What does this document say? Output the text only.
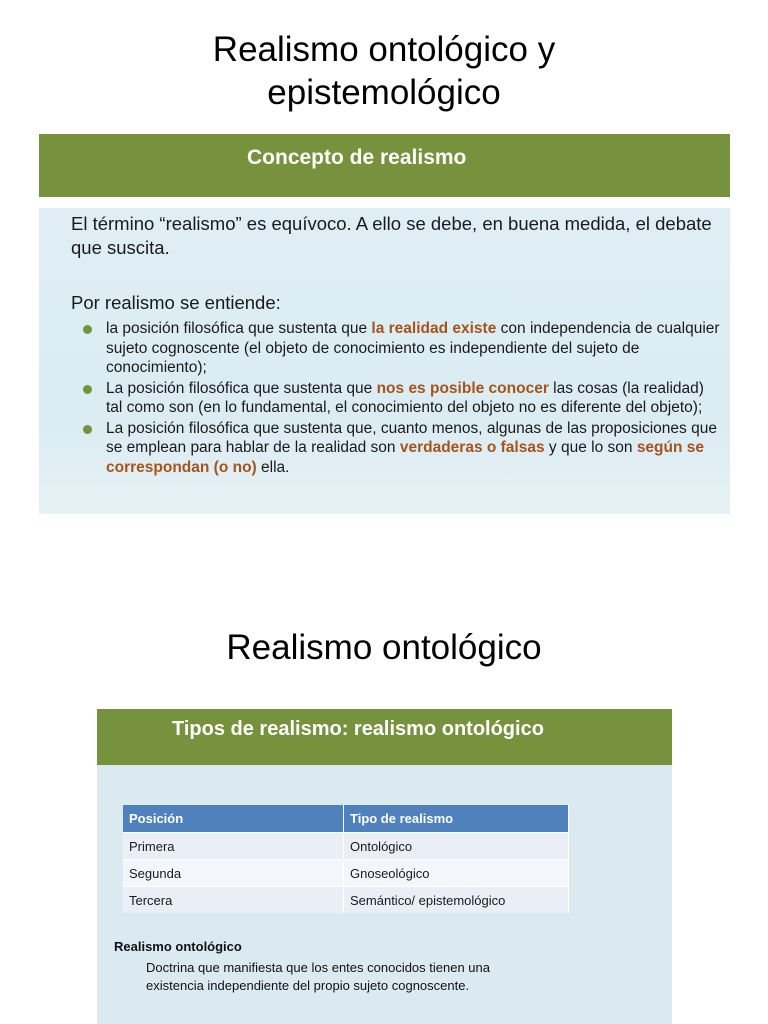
Realismo ontológico y
epistemológico
Concepto de realismo
El término “realismo” es equívoco. A ello se debe, en buena medida, el debate que suscita.
Por realismo se entiende:
la posición filosófica que sustenta que la realidad existe con independencia de cualquier sujeto cognoscente (el objeto de conocimiento es independiente del sujeto de conocimiento);
La posición filosófica que sustenta que nos es posible conocer las cosas (la realidad) tal como son (en lo fundamental, el conocimiento del objeto no es diferente del objeto);
La posición filosófica que sustenta que, cuanto menos, algunas de las proposiciones que se emplean para hablar de la realidad son verdaderas o falsas y que lo son según se correspondan (o no) ella.
Realismo ontológico
Tipos de realismo: realismo ontológico
Posición	Tipo de realismo
Primera	Ontológico
Segunda	Gnoseológico
Tercera	Semántico/ epistemológico
Realismo ontológico
Doctrina que manifiesta que los entes conocidos tienen una existencia independiente del propio sujeto cognoscente.
